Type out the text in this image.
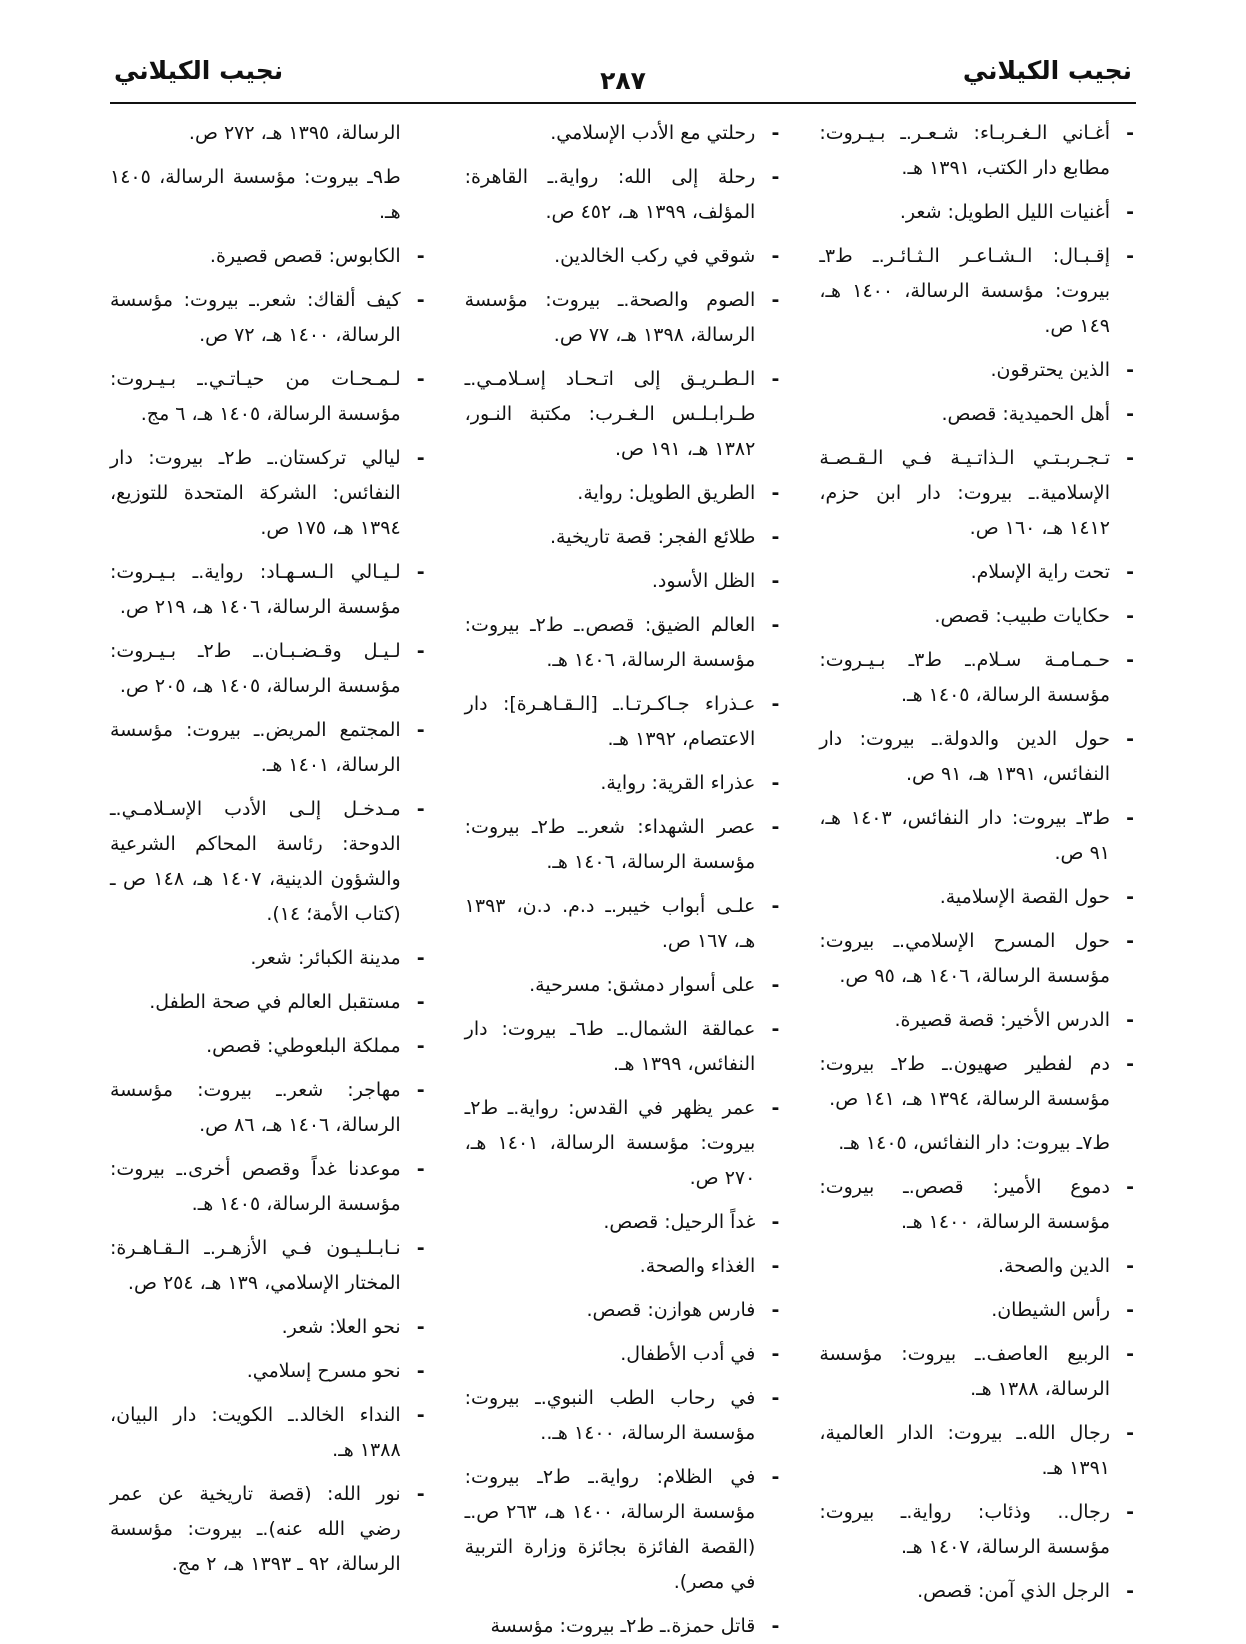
نجيب الكيلاني
٢٨٧
نجيب الكيلاني
- أغـاني الـغـربـاء: شـعـر.ـ بـيـروت: مطابع دار الكتب، ١٣٩١ هـ.
- أغنيات الليل الطويل: شعر.
- إقـبـال: الـشـاعـر الـثـائـر.ـ ط٣ـ بيروت: مؤسسة الرسالة، ١٤٠٠ هـ، ١٤٩ ص.
- الذين يحترقون.
- أهل الحميدية: قصص.
- تـجـربـتـي الـذاتـيـة فـي الـقـصـة الإسلامية.ـ بيروت: دار ابن حزم، ١٤١٢ هـ، ١٦٠ ص.
- تحت راية الإسلام.
- حكايات طبيب: قصص.
- حـمـامـة سـلام.ـ ط٣ـ بـيـروت: مؤسسة الرسالة، ١٤٠٥ هـ.
- حول الدين والدولة.ـ بيروت: دار النفائس، ١٣٩١ هـ، ٩١ ص.
- ط٣ـ بيروت: دار النفائس، ١٤٠٣ هـ، ٩١ ص.
- حول القصة الإسلامية.
- حول المسرح الإسلامي.ـ بيروت: مؤسسة الرسالة، ١٤٠٦ هـ، ٩٥ ص.
- الدرس الأخير: قصة قصيرة.
- دم لفطير صهيون.ـ ط٢ـ بيروت: مؤسسة الرسالة، ١٣٩٤ هـ، ١٤١ ص.
ط٧ـ بيروت: دار النفائس، ١٤٠٥ هـ.
- دموع الأمير: قصص.ـ بيروت: مؤسسة الرسالة، ١٤٠٠ هـ.
- الدين والصحة.
- رأس الشيطان.
- الربيع العاصف.ـ بيروت: مؤسسة الرسالة، ١٣٨٨ هـ.
- رجال الله.ـ بيروت: الدار العالمية، ١٣٩١ هـ.
- رجال.. وذئاب: رواية.ـ بيروت: مؤسسة الرسالة، ١٤٠٧ هـ.
- الرجل الذي آمن: قصص.
- رحلتي مع الأدب الإسلامي.
- رحلة إلى الله: رواية.ـ القاهرة: المؤلف، ١٣٩٩ هـ، ٤٥٢ ص.
- شوقي في ركب الخالدين.
- الصوم والصحة.ـ بيروت: مؤسسة الرسالة، ١٣٩٨ هـ، ٧٧ ص.
- الـطـريـق إلى اتـحـاد إسـلامـي.ـ طـرابـلـس الـغـرب: مكتبة النـور، ١٣٨٢ هـ، ١٩١ ص.
- الطريق الطويل: رواية.
- طلائع الفجر: قصة تاريخية.
- الظل الأسود.
- العالم الضيق: قصص.ـ ط٢ـ بيروت: مؤسسة الرسالة، ١٤٠٦ هـ.
- عـذراء جـاكـرتـا.ـ [الـقـاهـرة]: دار الاعتصام، ١٣٩٢ هـ.
- عذراء القرية: رواية.
- عصر الشهداء: شعر.ـ ط٢ـ بيروت: مؤسسة الرسالة، ١٤٠٦ هـ.
- علـى أبواب خيبر.ـ د.م. د.ن، ١٣٩٣ هـ، ١٦٧ ص.
- على أسوار دمشق: مسرحية.
- عمالقة الشمال.ـ ط٦ـ بيروت: دار النفائس، ١٣٩٩ هـ.
- عمر يظهر في القدس: رواية.ـ ط٢ـ بيروت: مؤسسة الرسالة، ١٤٠١ هـ، ٢٧٠ ص.
- غداً الرحيل: قصص.
- الغذاء والصحة.
- فارس هوازن: قصص.
- في أدب الأطفال.
- في رحاب الطب النبوي.ـ بيروت: مؤسسة الرسالة، ١٤٠٠ هـ..
- في الظلام: رواية.ـ ط٢ـ بيروت: مؤسسة الرسالة، ١٤٠٠ هـ، ٢٦٣ ص.ـ (القصة الفائزة بجائزة وزارة التربية في مصر).
- قاتل حمزة.ـ ط٢ـ بيروت: مؤسسة
الرسالة، ١٣٩٥ هـ، ٢٧٢ ص.
ط٩ـ بيروت: مؤسسة الرسالة، ١٤٠٥ هـ.
- الكابوس: قصص قصيرة.
- كيف ألقاك: شعر.ـ بيروت: مؤسسة الرسالة، ١٤٠٠ هـ، ٧٢ ص.
- لـمـحـات من حيـاتـي.ـ بـيـروت: مؤسسة الرسالة، ١٤٠٥ هـ، ٦ مج.
- ليالي تركستان.ـ ط٢ـ بيروت: دار النفائس: الشركة المتحدة للتوزيع، ١٣٩٤ هـ، ١٧٥ ص.
- لـيـالي الـسـهـاد: رواية.ـ بـيـروت: مؤسسة الرسالة، ١٤٠٦ هـ، ٢١٩ ص.
- لـيـل وقـضـبـان.ـ ط٢ـ بـيـروت: مؤسسة الرسالة، ١٤٠٥ هـ، ٢٠٥ ص.
- المجتمع المريض.ـ بيروت: مؤسسة الرسالة، ١٤٠١ هـ.
- مـدخـل إلـى الأدب الإسـلامـي.ـ الدوحة: رئاسة المحاكم الشرعية والشؤون الدينية، ١٤٠٧ هـ، ١٤٨ ص ـ (كتاب الأمة؛ ١٤).
- مدينة الكبائر: شعر.
- مستقبل العالم في صحة الطفل.
- مملكة البلعوطي: قصص.
- مهاجر: شعر.ـ بيروت: مؤسسة الرسالة، ١٤٠٦ هـ، ٨٦ ص.
- موعدنا غداً وقصص أخرى.ـ بيروت: مؤسسة الرسالة، ١٤٠٥ هـ.
- نـابـلـيـون فـي الأزهـر.ـ الـقـاهـرة: المختار الإسلامي، ١٣٩ هـ، ٢٥٤ ص.
- نحو العلا: شعر.
- نحو مسرح إسلامي.
- النداء الخالد.ـ الكويت: دار البيان، ١٣٨٨ هـ.
- نور الله: (قصة تاريخية عن عمر رضي الله عنه).ـ بيروت: مؤسسة الرسالة، ٩٢ ـ ١٣٩٣ هـ، ٢ مج.
